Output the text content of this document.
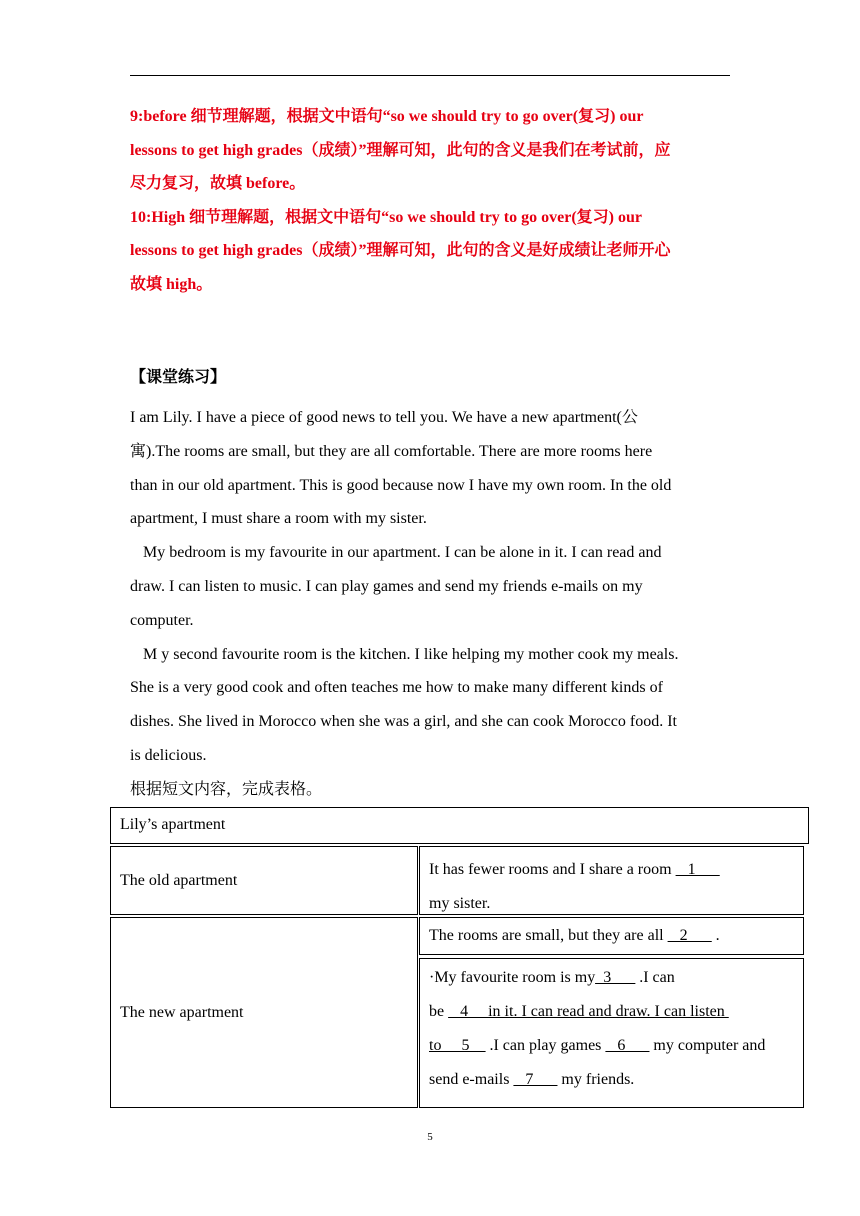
9:before 细节理解题，根据文中语句“so we should try to go over(复习) our

lessons to get high grades（成绩）”理解可知，此句的含义是我们在考试前，应

尽力复习，故填 before。

10:High 细节理解题，根据文中语句“so we should try to go over(复习) our

lessons to get high grades（成绩）”理解可知，此句的含义是好成绩让老师开心

故填 high。

【课堂练习】

I am Lily. I have a piece of good news to tell you. We have a new apartment(公

寓).The rooms are small, but they are all comfortable. There are more rooms here

than in our old apartment. This is good because now I have my own room. In the old

apartment, I must share a room with my sister.

My bedroom is my favourite in our apartment. I can be alone in it. I can read and

draw. I can listen to music. I can play games and send my friends e-mails on my

computer.

M y second favourite room is the kitchen. I like helping my mother cook my meals.

She is a very good cook and often teaches me how to make many different kinds of

dishes. She lived in Morocco when she was a girl, and she can cook Morocco food. It

is delicious.

根据短文内容，完成表格。

Lily’s apartment
The old apartment
It has fewer rooms and I share a room  _1___
my sister.
The new apartment
The rooms are small, but they are all  _2___ .
·My favourite room is my_3___ .I can
be  _4__ in it. I can read and draw. I can listen
to __5__ .I can play games  _6___ my computer and
send e-mails  _7___ my friends.
5
